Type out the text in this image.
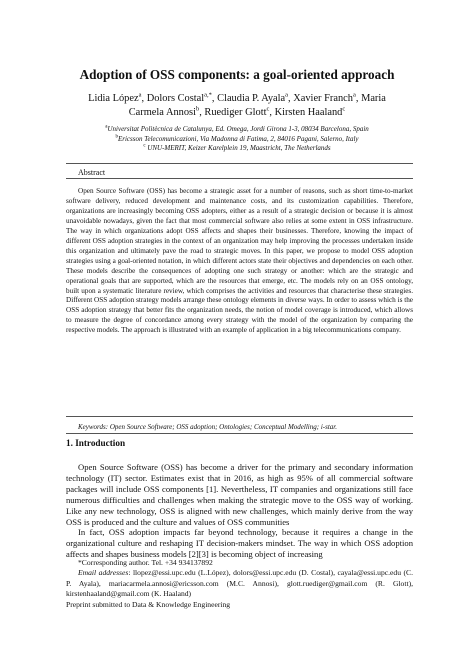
Adoption of OSS components: a goal-oriented approach
Lidia López$^a$, Dolors Costal$^{a,*}$, Claudia P. Ayala$^a$, Xavier Franch$^a$, Maria
Carmela Annosi$^b$, Ruediger Glott$^c$, Kirsten Haaland$^c$
$^a$Universitat Politècnica de Catalunya, Ed. Omega, Jordi Girona 1-3, 08034 Barcelona, Spain
$^b$Ericsson Telecomunicazioni, Via Madonna di Fatima, 2, 84016 Pagani, Salerno, Italy
$^c$ UNU-MERIT, Keizer Karelplein 19, Maastricht, The Netherlands
Abstract

Open Source Software (OSS) has become a strategic asset for a number of reasons, such as short time-to-market software delivery, reduced development and maintenance costs, and its customization capabilities. Therefore, organizations are increasingly becoming OSS adopters, either as a result of a strategic decision or because it is almost unavoidable nowadays, given the fact that most commercial software also relies at some extent in OSS infrastructure. The way in which organizations adopt OSS affects and shapes their businesses. Therefore, knowing the impact of different OSS adoption strategies in the context of an organization may help improving the processes undertaken inside this organization and ultimately pave the road to strategic moves. In this paper, we propose to model OSS adoption strategies using a goal-oriented notation, in which different actors state their objectives and dependencies on each other. These models describe the consequences of adopting one such strategy or another: which are the strategic and operational goals that are supported, which are the resources that emerge, etc. The models rely on an OSS ontology, built upon a systematic literature review, which comprises the activities and resources that characterise these strategies. Different OSS adoption strategy models arrange these ontology elements in diverse ways. In order to assess which is the OSS adoption strategy that better fits the organization needs, the notion of model coverage is introduced, which allows to measure the degree of concordance among every strategy with the model of the organization by comparing the respective models. The approach is illustrated with an example of application in a big telecommunications company.

Keywords: Open Source Software; OSS adoption; Ontologies; Conceptual Modelling; i-star.
1. Introduction

Open Source Software (OSS) has become a driver for the primary and secondary information technology (IT) sector. Estimates exist that in 2016, as high as 95% of all commercial software packages will include OSS components [1]. Nevertheless, IT companies and organizations still face numerous difficulties and challenges when making the strategic move to the OSS way of working. Like any new technology, OSS is aligned with new challenges, which mainly derive from the way OSS is produced and the culture and values of OSS communities

In fact, OSS adoption impacts far beyond technology, because it requires a change in the organizational culture and reshaping IT decision-makers mindset. The way in which OSS adoption affects and shapes business models [2][3] is becoming object of increasing

*Corresponding author. Tel. +34 934137892

Email addresses: llopez@essi.upc.edu (L.López), dolors@essi.upc.edu (D. Costal), cayala@essi.upc.edu (C. P. Ayala), mariacarmela.annosi@ericsson.com (M.C. Annosi), glott.ruediger@gmail.com (R. Glott), kirstenhaaland@gmail.com (K. Haaland)

Preprint submitted to Data & Knowledge Engineering
